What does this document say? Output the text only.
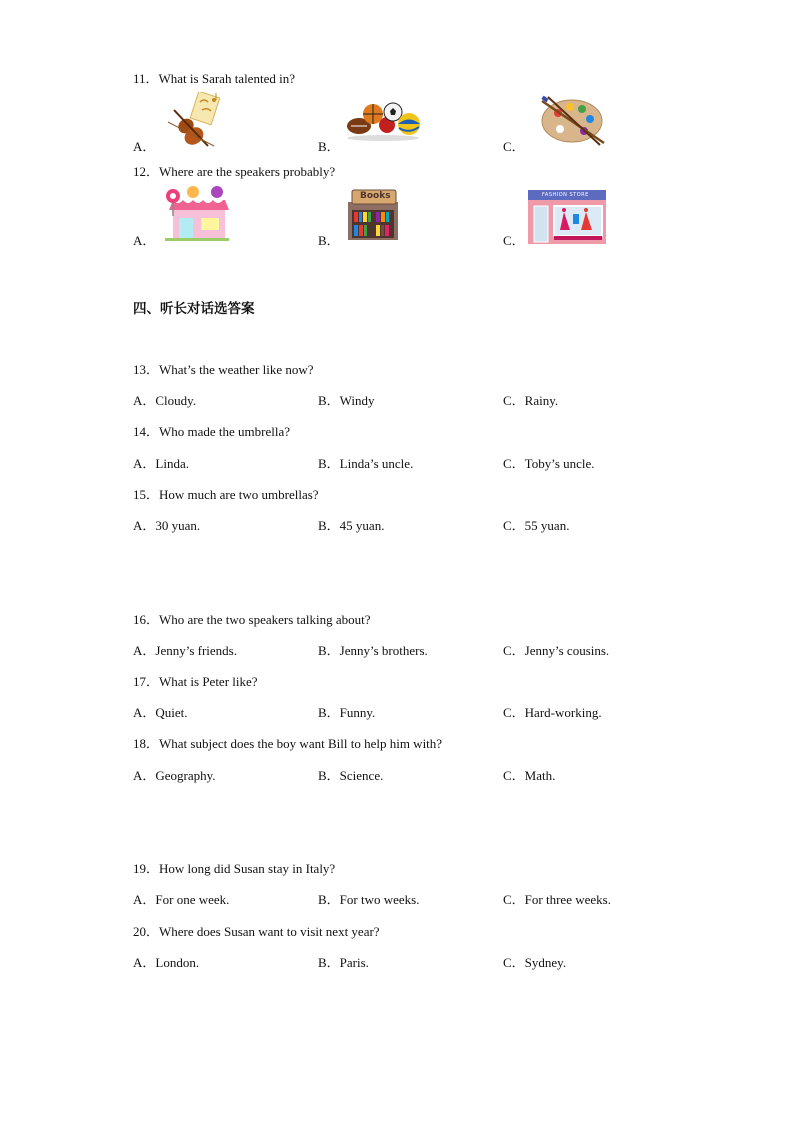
11．What is Sarah talented in?
A．	B．	C．
12．Where are the speakers probably?
A．	B．
Books
C．
FASHION STORE
四、听长对话选答案
13．What’s the weather like now?
A．Cloudy.	B．Windy	C．Rainy.
14．Who made the umbrella?
A．Linda.	B．Linda’s uncle.	C．Toby’s uncle.
15．How much are two umbrellas?
A．30 yuan.	B．45 yuan.	C．55 yuan.
16．Who are the two speakers talking about?
A．Jenny’s friends.	B．Jenny’s brothers.	C．Jenny’s cousins.
17．What is Peter like?
A．Quiet.	B．Funny.	C．Hard-working.
18．What subject does the boy want Bill to help him with?
A．Geography.	B．Science.	C．Math.
19．How long did Susan stay in Italy?
A．For one week.	B．For two weeks.	C．For three weeks.
20．Where does Susan want to visit next year?
A．London.	B．Paris.	C．Sydney.
